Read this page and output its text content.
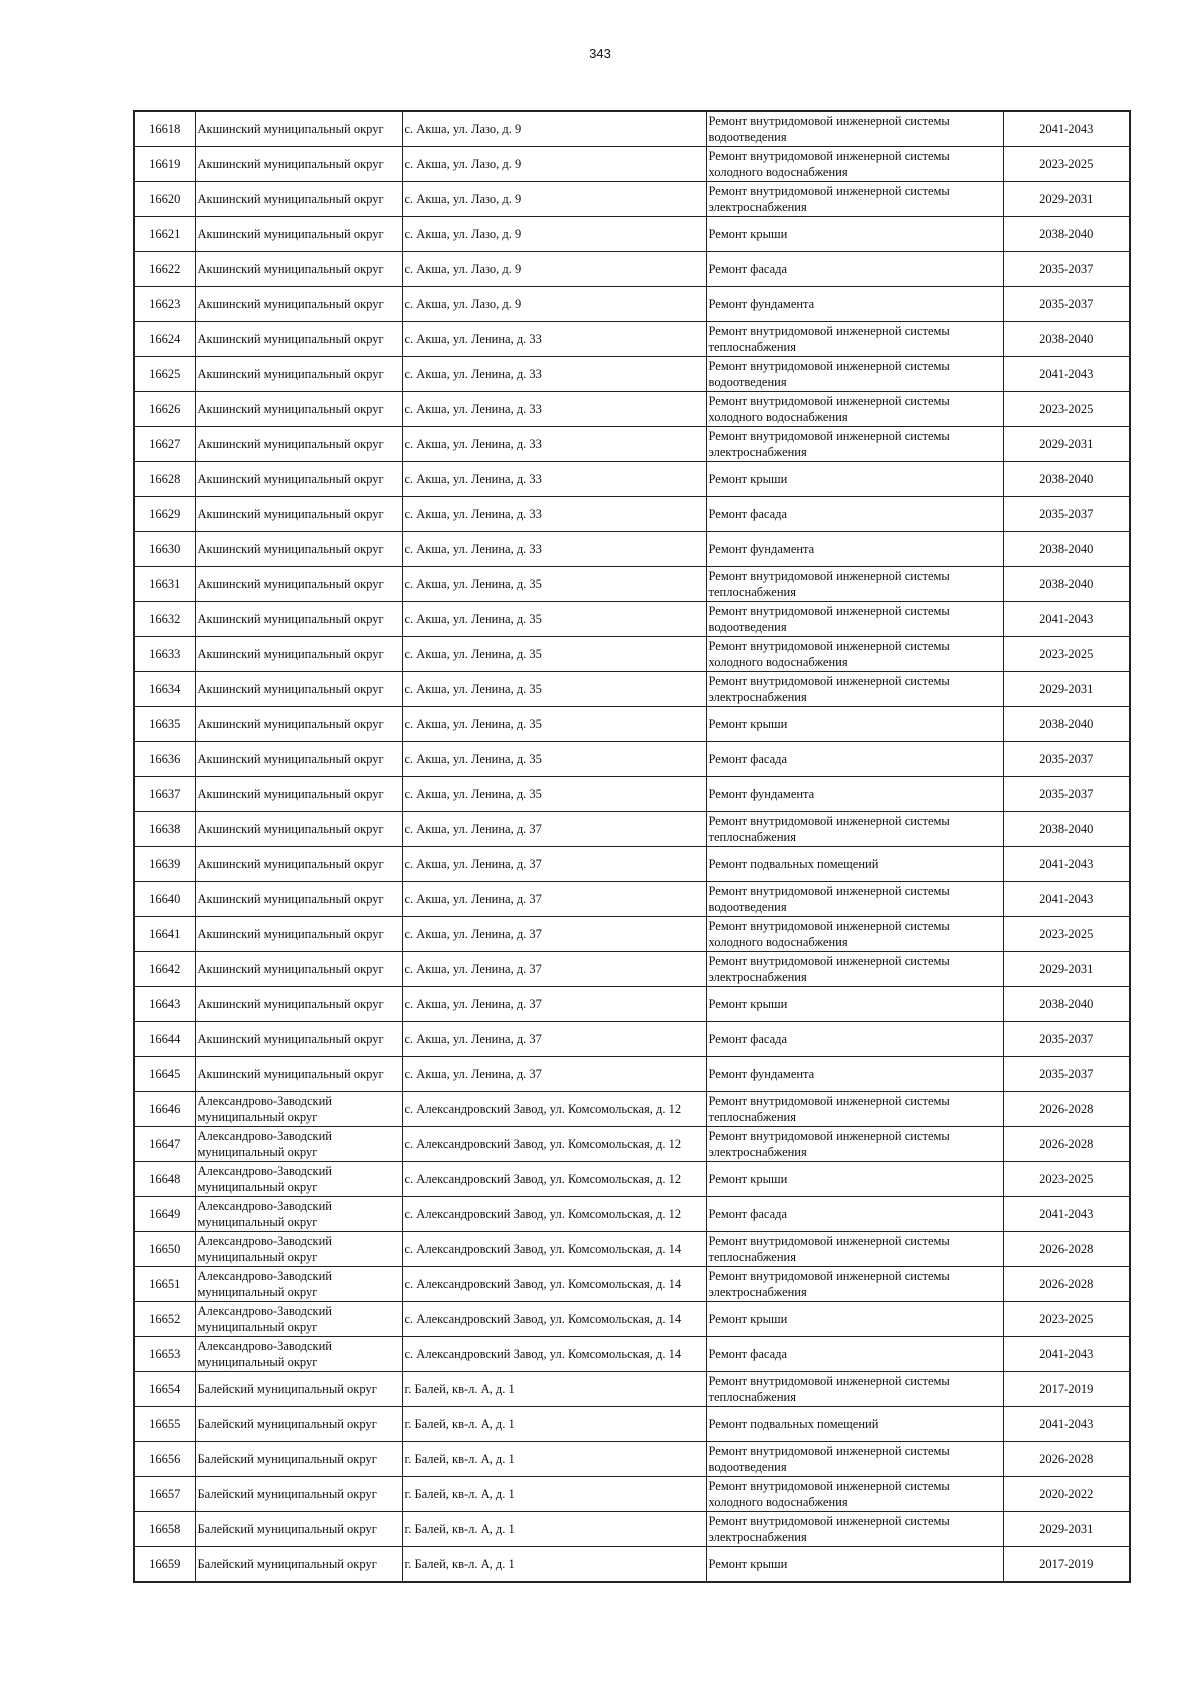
343
16618	Акшинский муниципальный округ	с. Акша, ул. Лазо, д. 9	Ремонт внутридомовой инженерной системы водоотведения	2041-2043
16619	Акшинский муниципальный округ	с. Акша, ул. Лазо, д. 9	Ремонт внутридомовой инженерной системы холодного водоснабжения	2023-2025
16620	Акшинский муниципальный округ	с. Акша, ул. Лазо, д. 9	Ремонт внутридомовой инженерной системы электроснабжения	2029-2031
16621	Акшинский муниципальный округ	с. Акша, ул. Лазо, д. 9	Ремонт крыши	2038-2040
16622	Акшинский муниципальный округ	с. Акша, ул. Лазо, д. 9	Ремонт фасада	2035-2037
16623	Акшинский муниципальный округ	с. Акша, ул. Лазо, д. 9	Ремонт фундамента	2035-2037
16624	Акшинский муниципальный округ	с. Акша, ул. Ленина, д. 33	Ремонт внутридомовой инженерной системы теплоснабжения	2038-2040
16625	Акшинский муниципальный округ	с. Акша, ул. Ленина, д. 33	Ремонт внутридомовой инженерной системы водоотведения	2041-2043
16626	Акшинский муниципальный округ	с. Акша, ул. Ленина, д. 33	Ремонт внутридомовой инженерной системы холодного водоснабжения	2023-2025
16627	Акшинский муниципальный округ	с. Акша, ул. Ленина, д. 33	Ремонт внутридомовой инженерной системы электроснабжения	2029-2031
16628	Акшинский муниципальный округ	с. Акша, ул. Ленина, д. 33	Ремонт крыши	2038-2040
16629	Акшинский муниципальный округ	с. Акша, ул. Ленина, д. 33	Ремонт фасада	2035-2037
16630	Акшинский муниципальный округ	с. Акша, ул. Ленина, д. 33	Ремонт фундамента	2038-2040
16631	Акшинский муниципальный округ	с. Акша, ул. Ленина, д. 35	Ремонт внутридомовой инженерной системы теплоснабжения	2038-2040
16632	Акшинский муниципальный округ	с. Акша, ул. Ленина, д. 35	Ремонт внутридомовой инженерной системы водоотведения	2041-2043
16633	Акшинский муниципальный округ	с. Акша, ул. Ленина, д. 35	Ремонт внутридомовой инженерной системы холодного водоснабжения	2023-2025
16634	Акшинский муниципальный округ	с. Акша, ул. Ленина, д. 35	Ремонт внутридомовой инженерной системы электроснабжения	2029-2031
16635	Акшинский муниципальный округ	с. Акша, ул. Ленина, д. 35	Ремонт крыши	2038-2040
16636	Акшинский муниципальный округ	с. Акша, ул. Ленина, д. 35	Ремонт фасада	2035-2037
16637	Акшинский муниципальный округ	с. Акша, ул. Ленина, д. 35	Ремонт фундамента	2035-2037
16638	Акшинский муниципальный округ	с. Акша, ул. Ленина, д. 37	Ремонт внутридомовой инженерной системы теплоснабжения	2038-2040
16639	Акшинский муниципальный округ	с. Акша, ул. Ленина, д. 37	Ремонт подвальных помещений	2041-2043
16640	Акшинский муниципальный округ	с. Акша, ул. Ленина, д. 37	Ремонт внутридомовой инженерной системы водоотведения	2041-2043
16641	Акшинский муниципальный округ	с. Акша, ул. Ленина, д. 37	Ремонт внутридомовой инженерной системы холодного водоснабжения	2023-2025
16642	Акшинский муниципальный округ	с. Акша, ул. Ленина, д. 37	Ремонт внутридомовой инженерной системы электроснабжения	2029-2031
16643	Акшинский муниципальный округ	с. Акша, ул. Ленина, д. 37	Ремонт крыши	2038-2040
16644	Акшинский муниципальный округ	с. Акша, ул. Ленина, д. 37	Ремонт фасада	2035-2037
16645	Акшинский муниципальный округ	с. Акша, ул. Ленина, д. 37	Ремонт фундамента	2035-2037
16646	Александрово-Заводский муниципальный округ	с. Александровский Завод, ул. Комсомольская, д. 12	Ремонт внутридомовой инженерной системы теплоснабжения	2026-2028
16647	Александрово-Заводский муниципальный округ	с. Александровский Завод, ул. Комсомольская, д. 12	Ремонт внутридомовой инженерной системы электроснабжения	2026-2028
16648	Александрово-Заводский муниципальный округ	с. Александровский Завод, ул. Комсомольская, д. 12	Ремонт крыши	2023-2025
16649	Александрово-Заводский муниципальный округ	с. Александровский Завод, ул. Комсомольская, д. 12	Ремонт фасада	2041-2043
16650	Александрово-Заводский муниципальный округ	с. Александровский Завод, ул. Комсомольская, д. 14	Ремонт внутридомовой инженерной системы теплоснабжения	2026-2028
16651	Александрово-Заводский муниципальный округ	с. Александровский Завод, ул. Комсомольская, д. 14	Ремонт внутридомовой инженерной системы электроснабжения	2026-2028
16652	Александрово-Заводский муниципальный округ	с. Александровский Завод, ул. Комсомольская, д. 14	Ремонт крыши	2023-2025
16653	Александрово-Заводский муниципальный округ	с. Александровский Завод, ул. Комсомольская, д. 14	Ремонт фасада	2041-2043
16654	Балейский муниципальный округ	г. Балей, кв-л. А, д. 1	Ремонт внутридомовой инженерной системы теплоснабжения	2017-2019
16655	Балейский муниципальный округ	г. Балей, кв-л. А, д. 1	Ремонт подвальных помещений	2041-2043
16656	Балейский муниципальный округ	г. Балей, кв-л. А, д. 1	Ремонт внутридомовой инженерной системы водоотведения	2026-2028
16657	Балейский муниципальный округ	г. Балей, кв-л. А, д. 1	Ремонт внутридомовой инженерной системы холодного водоснабжения	2020-2022
16658	Балейский муниципальный округ	г. Балей, кв-л. А, д. 1	Ремонт внутридомовой инженерной системы электроснабжения	2029-2031
16659	Балейский муниципальный округ	г. Балей, кв-л. А, д. 1	Ремонт крыши	2017-2019
